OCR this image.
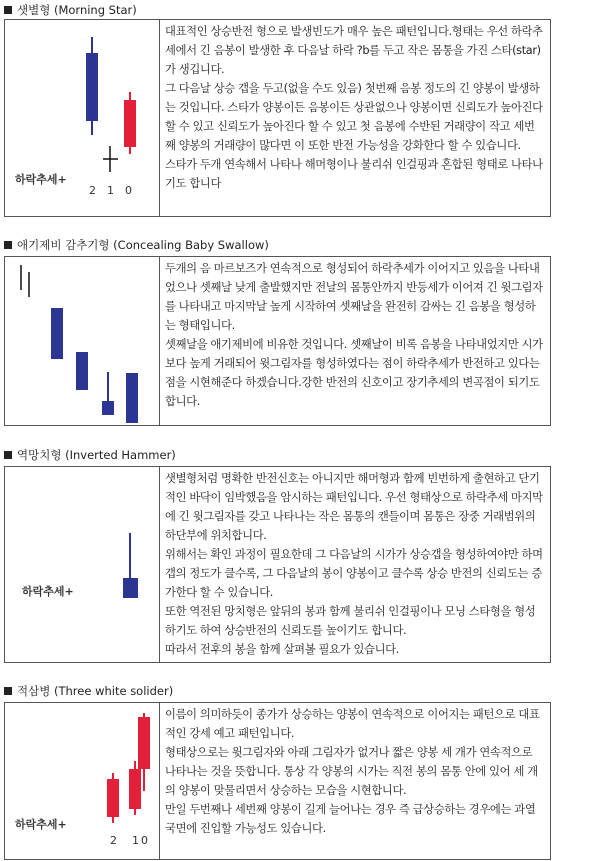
샛별형 (Morning Star)
하락추세+
2 1 0

대표적인 상승반전 형으로 발생빈도가 매우 높은 패턴입니다.형태는 우선 하락추세에서 긴 음봉이 발생한 후 다음날 하락 ?b를 두고 작은 몸통을 가진 스타(star)가 생깁니다.

그 다음날 상승 갭을 두고(없을 수도 있음) 첫번째 음봉 정도의 긴 양봉이 발생하는 것입니다. 스타가 양봉이든 음봉이든 상관없으나 양봉이면 신뢰도가 높아진다 할 수 있고 신뢰도가 높아진다 할 수 있고 첫 음봉에 수반된 거래량이 작고 세번째 양봉의 거래량이 많다면 이 또한 반전 가능성을 강화한다 할 수 있습니다.

스타가 두개 연속해서 나타나 해머형이나 불리쉬 인걸핑과 혼합된 형태로 나타나기도 합니다

애기제비 감추기형 (Concealing Baby Swallow)

두개의 음 마르보즈가 연속적으로 형성되어 하락추세가 이어지고 있음을 나타내었으나 셋째날 낮게 출발했지만 전날의 몸통안까지 반등세가 이어져 긴 윗그림자를 나타내고 마지막날 높게 시작하여 셋째날을 완전히 감싸는 긴 음봉을 형성하는 형태입니다.

셋째날을 애기제비에 비유한 것입니다. 셋째날이 비록 음봉을 나타내었지만 시가보다 높게 거래되어 윗그림자를 형성하였다는 점이 하락추세가 반전하고 있다는 점을 시현해준다 하겠습니다.강한 반전의 신호이고 장기추세의 변곡점이 되기도 합니다.

역망치형 (Inverted Hammer)
하락추세+

샛별형처럼 명확한 반전신호는 아니지만 해머형과 함께 빈번하게 출현하고 단기적인 바닥이 임박했음을 암시하는 패턴입니다. 우선 형태상으로 하락추세 마지막에 긴 윗그림자를 갖고 나타나는 작은 몸통의 캔들이며 몸통은 장중 거래범위의 하단부에 위치합니다.

위해서는 확인 과정이 필요한데 그 다음날의 시가가 상승갭을 형성하여야만 하며 갭의 정도가 클수록, 그 다음날의 봉이 양봉이고 클수록 상승 반전의 신뢰도는 증가한다 할 수 있습니다.

또한 역전된 망치형은 앞뒤의 봉과 함께 불리쉬 인걸핑이나 모닝 스타형을 형성하기도 하여 상승반전의 신뢰도를 높이기도 합니다.

따라서 전후의 봉을 함께 살펴볼 필요가 있습니다.

적삼병 (Three white solider)
하락추세+
2 1 0

이름이 의미하듯이 종가가 상승하는 양봉이 연속적으로 이어지는 패턴으로 대표적인 강세 예고 패턴입니다.

형태상으로는 윗그림자와 아래 그림자가 없거나 짧은 양봉 세 개가 연속적으로 나타나는 것을 뜻합니다. 통상 각 양봉의 시가는 직전 봉의 몸통 안에 있어 세 개의 양봉이 맞물리면서 상승하는 모습을 시현합니다.

만일 두번째나 세번째 양봉이 길게 늘어나는 경우 즉 급상승하는 경우에는 과열국면에 진입할 가능성도 있습니다.
